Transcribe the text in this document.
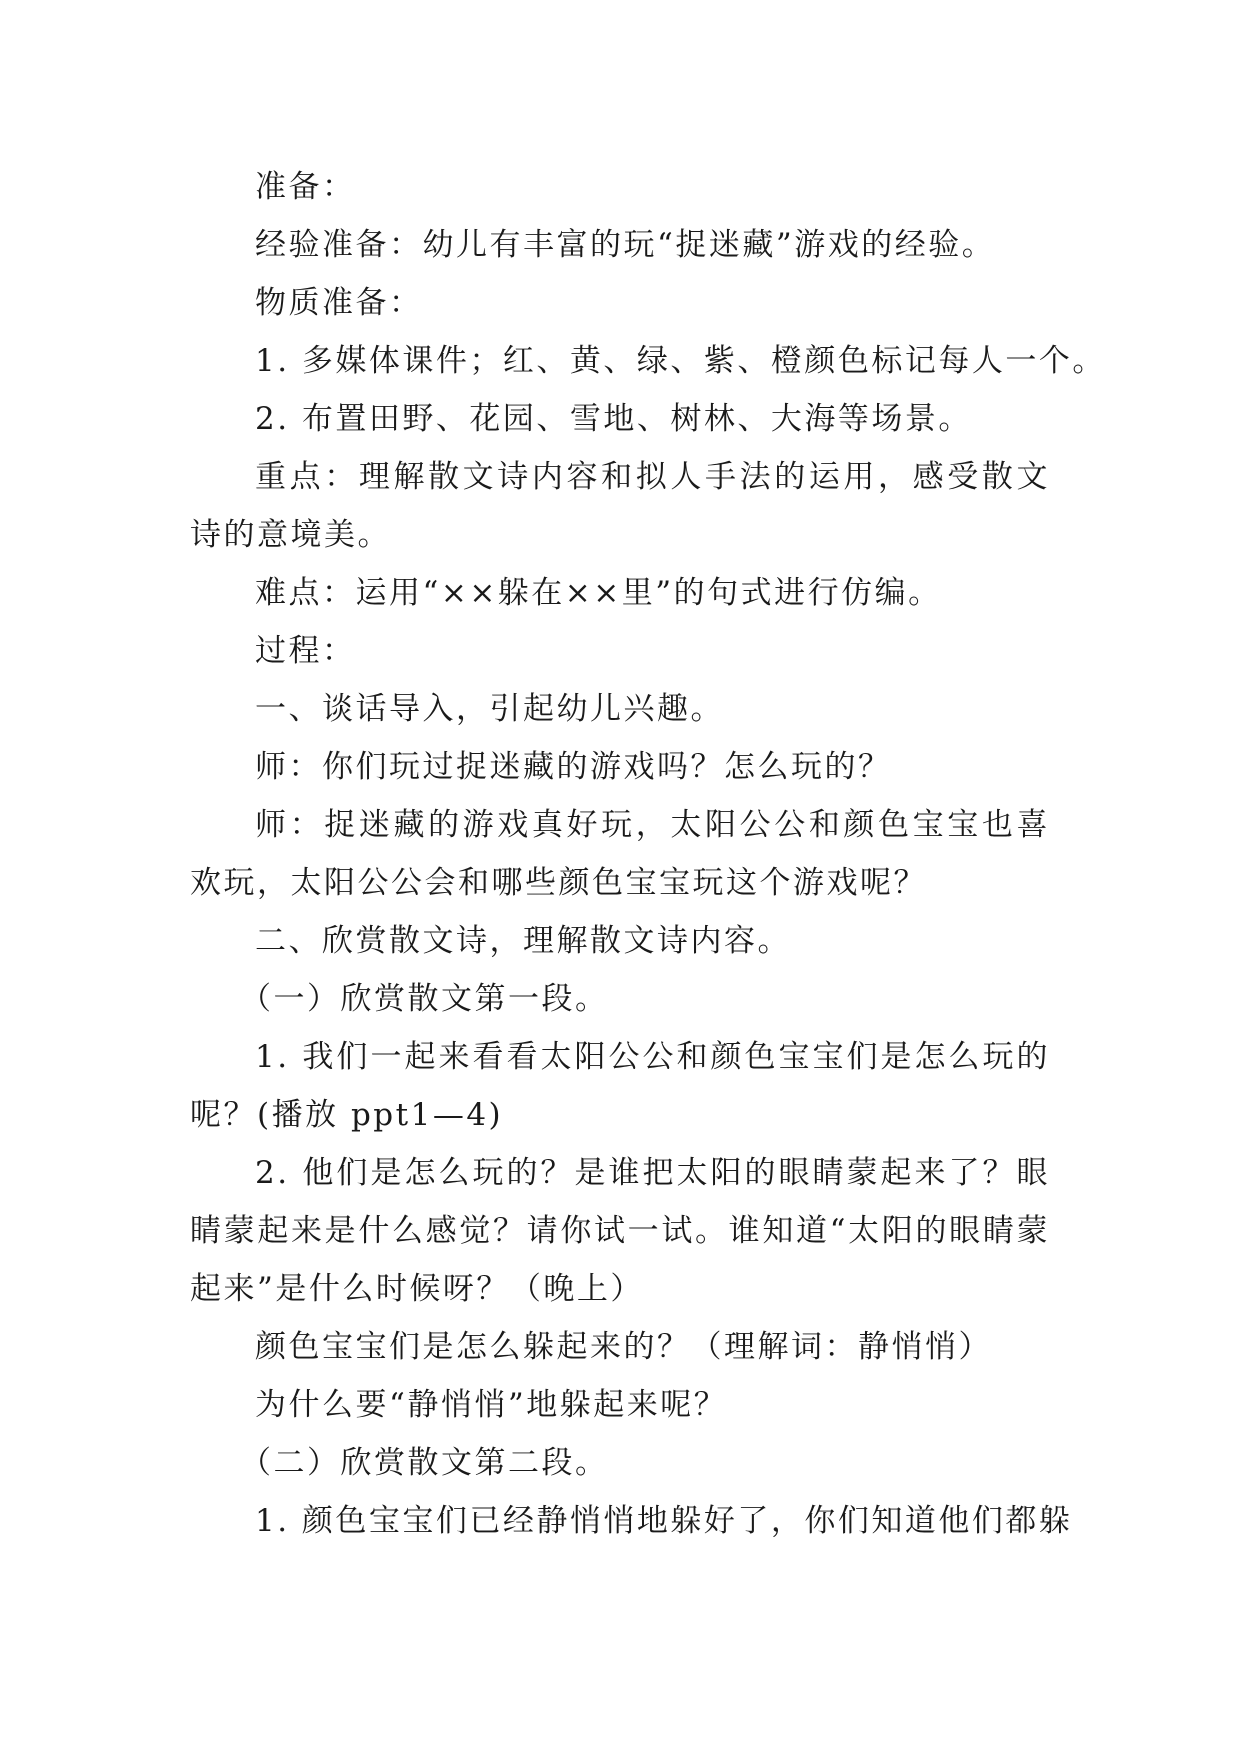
准备：

经验准备：幼儿有丰富的玩“捉迷藏”游戏的经验。

物质准备：

1. 多媒体课件；红、黄、绿、紫、橙颜色标记每人一个。

2. 布置田野、花园、雪地、树林、大海等场景。

重点：理解散文诗内容和拟人手法的运用，感受散文诗的意境美。

难点：运用“××躲在××里”的句式进行仿编。

过程：

一、谈话导入，引起幼儿兴趣。

师：你们玩过捉迷藏的游戏吗？怎么玩的？

师：捉迷藏的游戏真好玩，太阳公公和颜色宝宝也喜欢玩，太阳公公会和哪些颜色宝宝玩这个游戏呢？

二、欣赏散文诗，理解散文诗内容。

（一）欣赏散文第一段。

1. 我们一起来看看太阳公公和颜色宝宝们是怎么玩的呢？(播放 ppt1—4)

2. 他们是怎么玩的？是谁把太阳的眼睛蒙起来了？眼睛蒙起来是什么感觉？请你试一试。谁知道“太阳的眼睛蒙起来”是什么时候呀？（晚上）

颜色宝宝们是怎么躲起来的？（理解词：静悄悄）

为什么要“静悄悄”地躲起来呢？

（二）欣赏散文第二段。

1. 颜色宝宝们已经静悄悄地躲好了，你们知道他们都躲
